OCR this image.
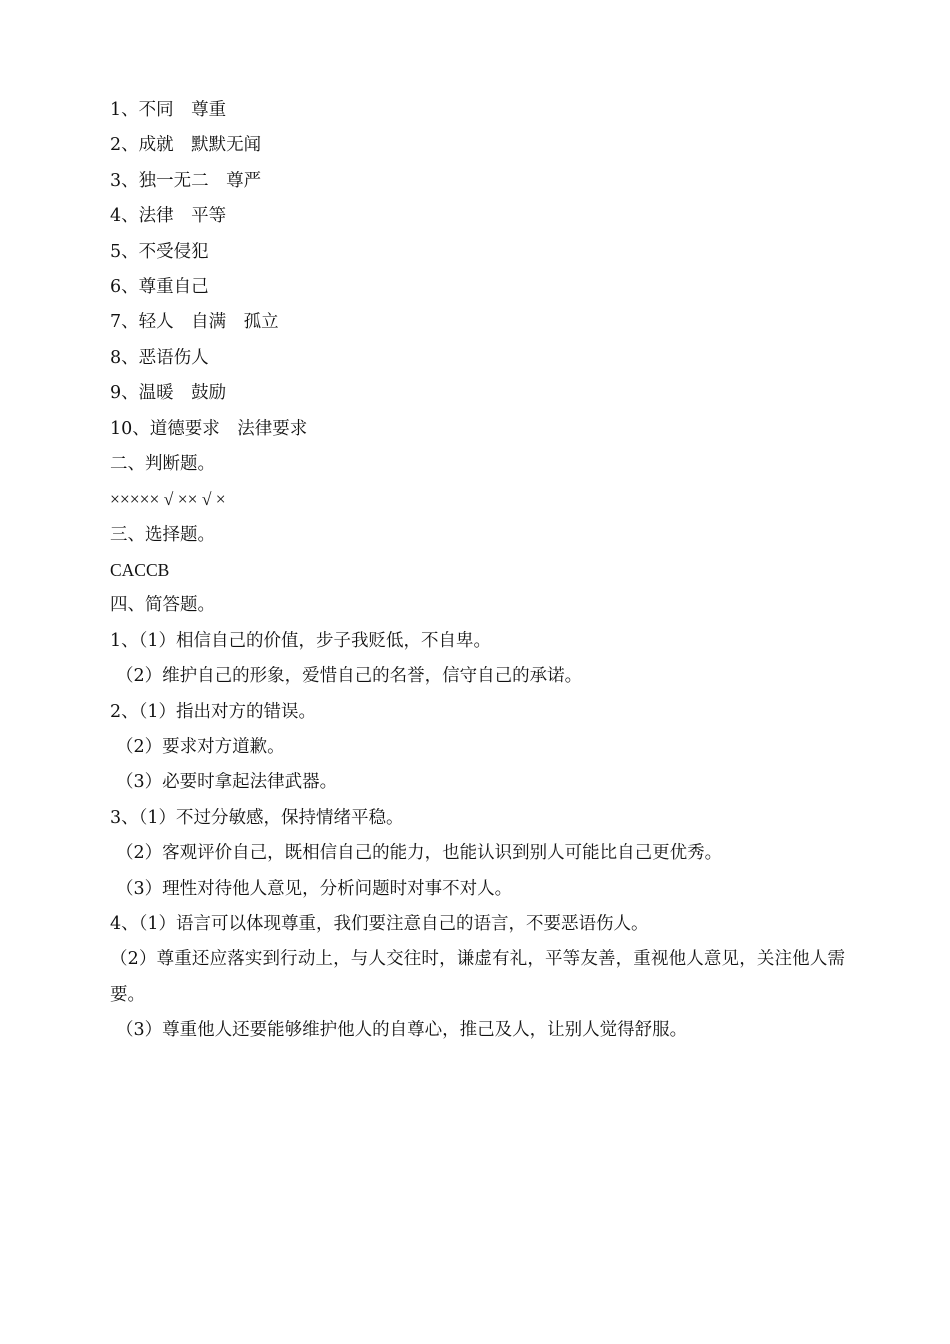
1、不同　尊重
2、成就　默默无闻
3、独一无二　尊严
4、法律　平等
5、不受侵犯
6、尊重自己
7、轻人　自满　孤立
8、恶语伤人
9、温暖　鼓励
10、道德要求　法律要求
二、判断题。
××××× √ ×× √ ×
三、选择题。
CACCB
四、简答题。
1、（1）相信自己的价值，步子我贬低，不自卑。
（2）维护自己的形象，爱惜自己的名誉，信守自己的承诺。
2、（1）指出对方的错误。
（2）要求对方道歉。
（3）必要时拿起法律武器。
3、（1）不过分敏感，保持情绪平稳。
（2）客观评价自己，既相信自己的能力，也能认识到别人可能比自己更优秀。
（3）理性对待他人意见，分析问题时对事不对人。
4、（1）语言可以体现尊重，我们要注意自己的语言，不要恶语伤人。
（2）尊重还应落实到行动上，与人交往时，谦虚有礼，平等友善，重视他人意见，关注他人需要。
（3）尊重他人还要能够维护他人的自尊心，推己及人，让别人觉得舒服。
